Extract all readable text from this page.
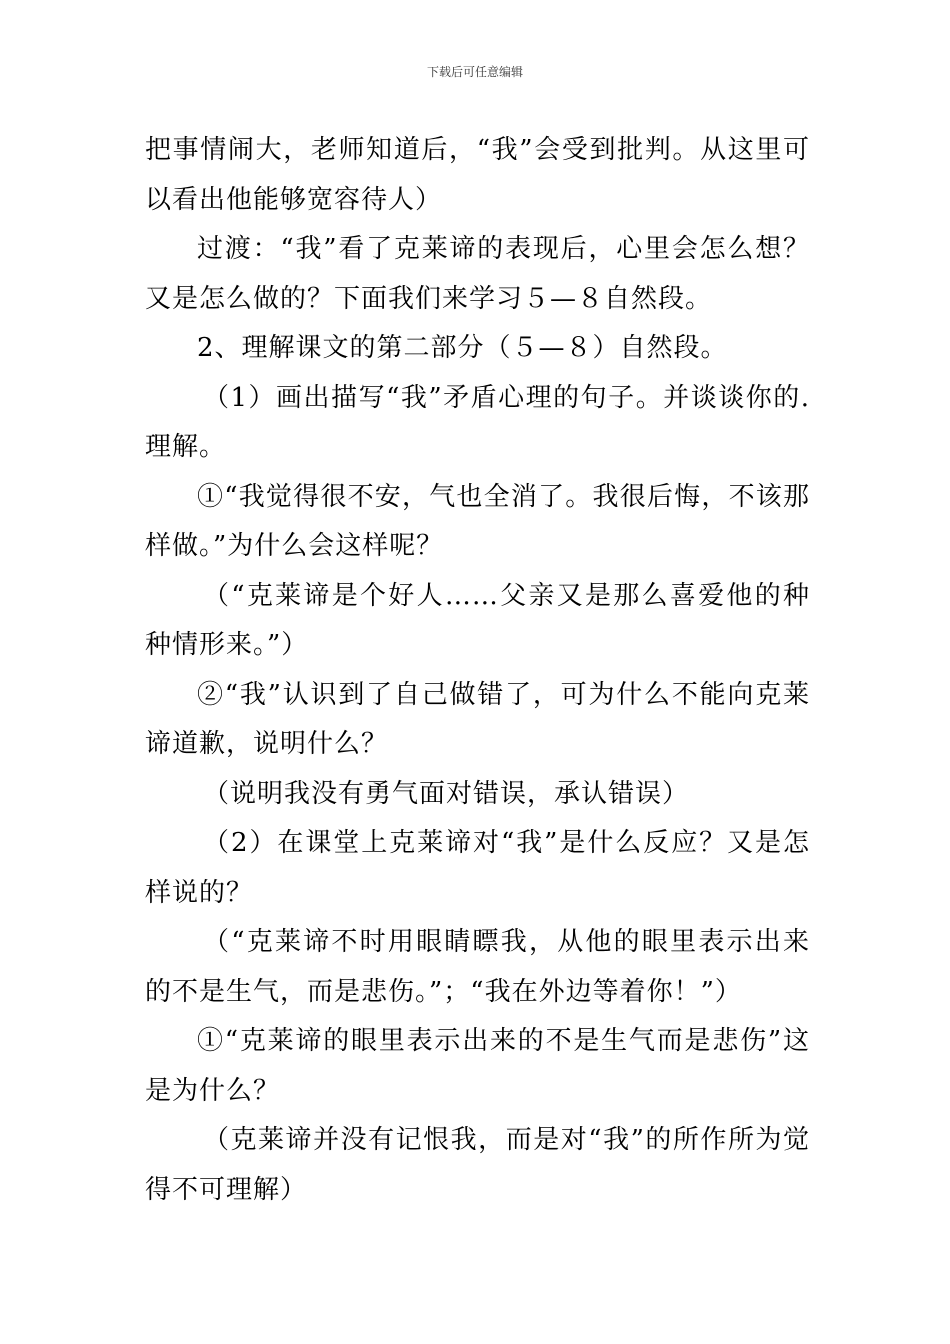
下载后可任意编辑

把事情闹大，老师知道后，“我”会受到批判。从这里可以看出他能够宽容待人）

过渡：“我”看了克莱谛的表现后，心里会怎么想？又是怎么做的？下面我们来学习５—８自然段。

2、理解课文的第二部分（５—８）自然段。

（1）画出描写“我”矛盾心理的句子。并谈谈你的.理解。

①“我觉得很不安，气也全消了。我很后悔，不该那样做。”为什么会这样呢？

（“克莱谛是个好人……父亲又是那么喜爱他的种种情形来。”）

②“我”认识到了自己做错了，可为什么不能向克莱谛道歉，说明什么？

（说明我没有勇气面对错误，承认错误）

（2）在课堂上克莱谛对“我”是什么反应？又是怎样说的？

（“克莱谛不时用眼睛瞟我，从他的眼里表示出来的不是生气，而是悲伤。”；“我在外边等着你！”）

①“克莱谛的眼里表示出来的不是生气而是悲伤”这是为什么？

（克莱谛并没有记恨我，而是对“我”的所作所为觉得不可理解）
